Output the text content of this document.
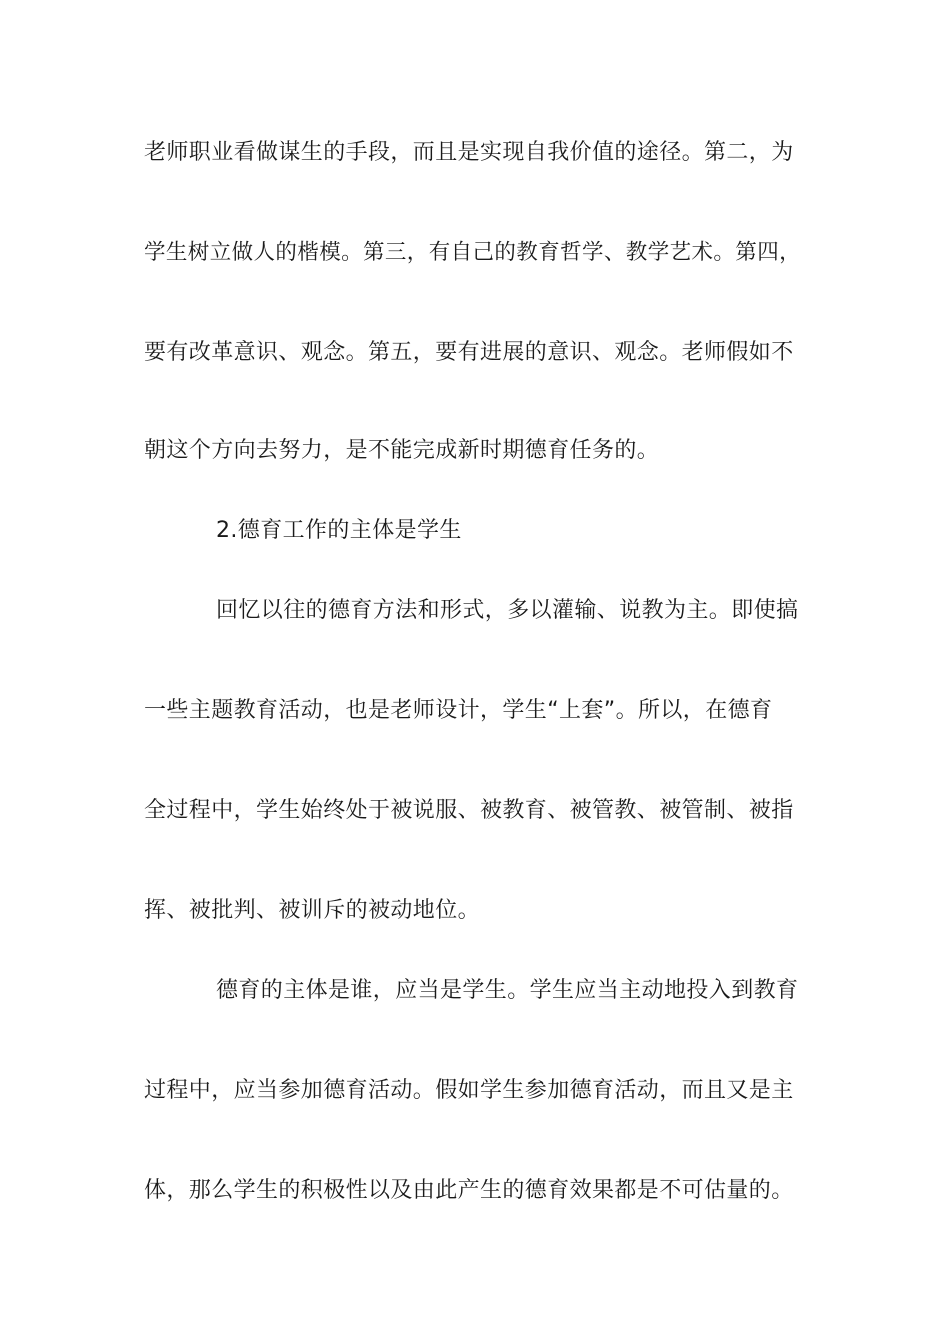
老师职业看做谋生的手段，而且是实现自我价值的途径。第二，为
学生树立做人的楷模。第三，有自己的教育哲学、教学艺术。第四，
要有改革意识、观念。第五，要有进展的意识、观念。老师假如不
朝这个方向去努力，是不能完成新时期德育任务的。
2.德育工作的主体是学生
回忆以往的德育方法和形式，多以灌输、说教为主。即使搞
一些主题教育活动，也是老师设计，学生“上套”。所以，在德育
全过程中，学生始终处于被说服、被教育、被管教、被管制、被指
挥、被批判、被训斥的被动地位。
德育的主体是谁，应当是学生。学生应当主动地投入到教育
过程中，应当参加德育活动。假如学生参加德育活动，而且又是主
体，那么学生的积极性以及由此产生的德育效果都是不可估量的。
